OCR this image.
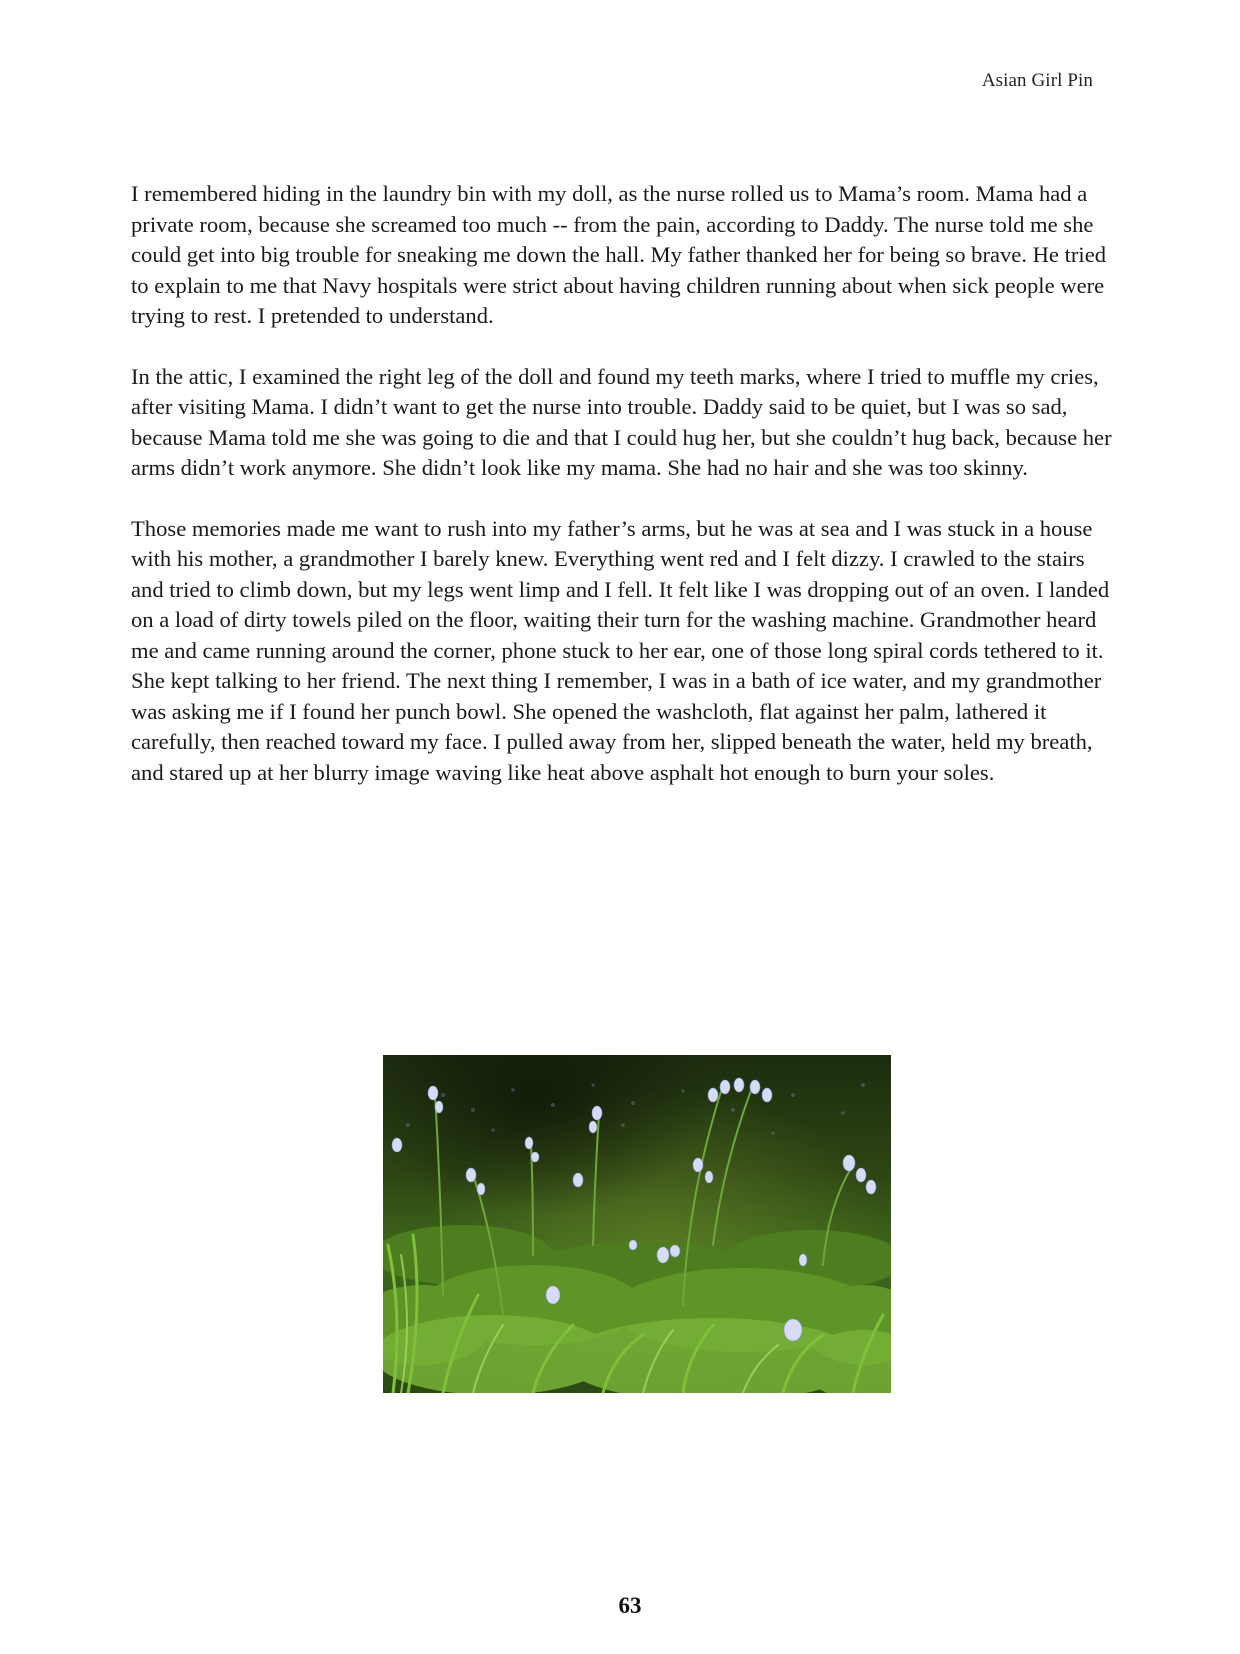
Asian Girl Pin

I remembered hiding in the laundry bin with my doll, as the nurse rolled us to Mama’s room. Mama had a private room, because she screamed too much -- from the pain, according to Daddy. The nurse told me she could get into big trouble for sneaking me down the hall. My father thanked her for being so brave. He tried to explain to me that Navy hospitals were strict about having children running about when sick people were trying to rest. I pretended to understand.

In the attic, I examined the right leg of the doll and found my teeth marks, where I tried to muffle my cries, after visiting Mama. I didn’t want to get the nurse into trouble. Daddy said to be quiet, but I was so sad, because Mama told me she was going to die and that I could hug her, but she couldn’t hug back, because her arms didn’t work anymore. She didn’t look like my mama. She had no hair and she was too skinny.

Those memories made me want to rush into my father’s arms, but he was at sea and I was stuck in a house with his mother, a grandmother I barely knew. Everything went red and I felt dizzy. I crawled to the stairs and tried to climb down, but my legs went limp and I fell. It felt like I was dropping out of an oven. I landed on a load of dirty towels piled on the floor, waiting their turn for the washing machine. Grandmother heard me and came running around the corner, phone stuck to her ear, one of those long spiral cords tethered to it. She kept talking to her friend. The next thing I remember, I was in a bath of ice water, and my grandmother was asking me if I found her punch bowl. She opened the washcloth, flat against her palm, lathered it carefully, then reached toward my face. I pulled away from her, slipped beneath the water, held my breath, and stared up at her blurry image waving like heat above asphalt hot enough to burn your soles.

63
